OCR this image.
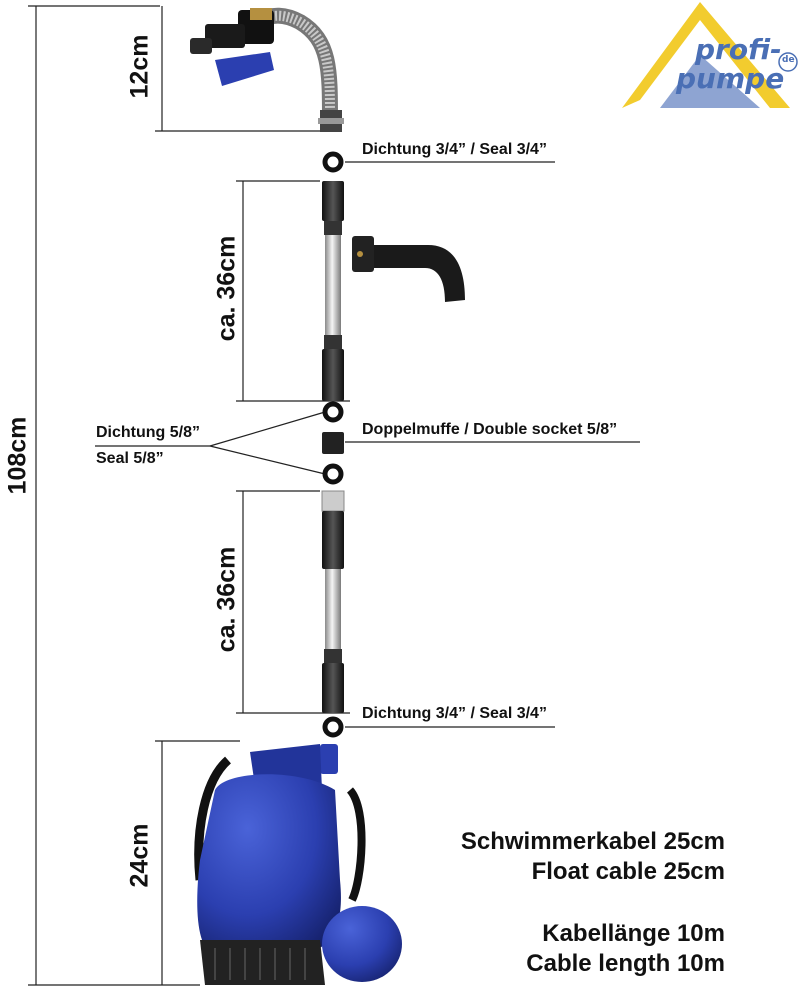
profi-
pumpe
de
108cm
12cm
ca. 36cm
ca. 36cm
24cm
Dichtung 3/4” / Seal 3/4”
Dichtung 5/8”
Seal 5/8”
Doppelmuffe / Double socket 5/8”
Dichtung 3/4” / Seal 3/4”
Schwimmerkabel 25cm
Float cable 25cm
Kabellänge 10m
Cable length 10m
